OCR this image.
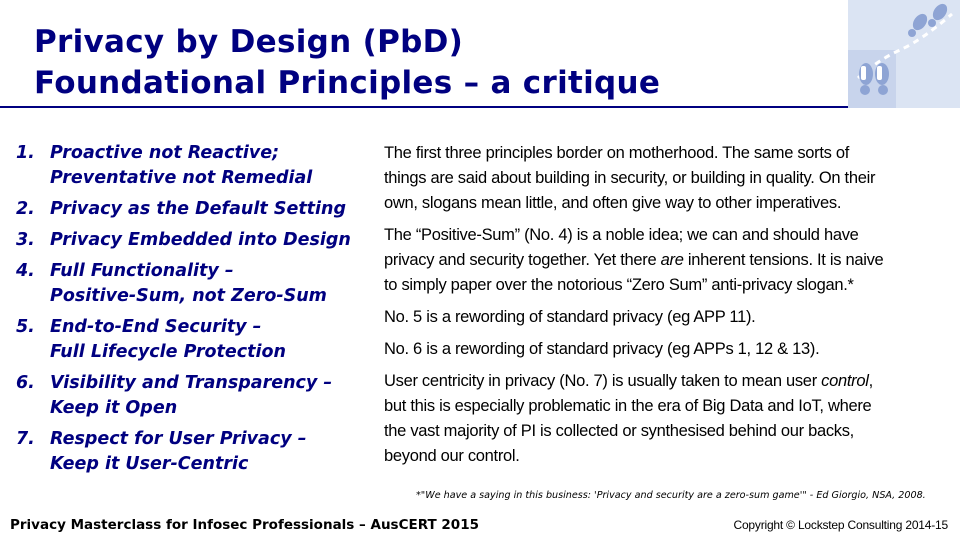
Privacy by Design (PbD)
Foundational Principles – a critique
1. Proactive not Reactive;
Preventative not Remedial
2. Privacy as the Default Setting
3. Privacy Embedded into Design
4. Full Functionality –
Positive-Sum, not Zero-Sum
5. End-to-End Security –
Full Lifecycle Protection
6. Visibility and Transparency –
Keep it Open
7. Respect for User Privacy –
Keep it User-Centric

The first three principles border on motherhood. The same sorts of
things are said about building in security, or building in quality. On their
own, slogans mean little, and often give way to other imperatives.

The “Positive-Sum” (No. 4) is a noble idea; we can and should have
privacy and security together. Yet there are inherent tensions. It is naive
to simply paper over the notorious “Zero Sum” anti-privacy slogan.*

No. 5 is a rewording of standard privacy (eg APP 11).

No. 6 is a rewording of standard privacy (eg APPs 1, 12 & 13).

User centricity in privacy (No. 7) is usually taken to mean user control,
but this is especially problematic in the era of Big Data and IoT, where
the vast majority of PI is collected or synthesised behind our backs,
beyond our control.

*"We have a saying in this business: 'Privacy and security are a zero-sum game'" - Ed Giorgio, NSA, 2008.
Privacy Masterclass for Infosec Professionals – AusCERT 2015	Copyright © Lockstep Consulting 2014-15
